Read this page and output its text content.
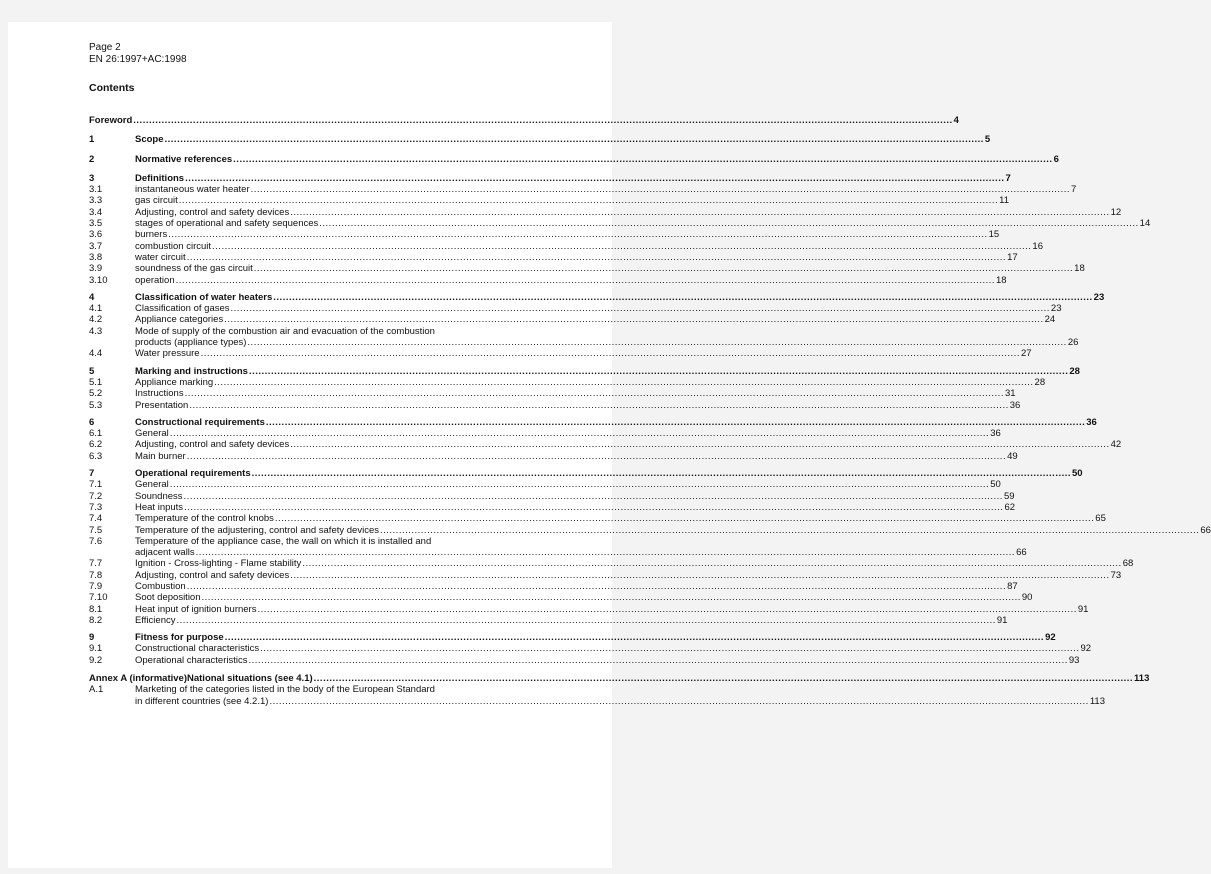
Page 2
EN 26:1997+AC:1998
Contents
Foreword .....	4
1	Scope .....	5
2	Normative references .....	6
3	Definitions .....	7
3.1	instantaneous water heater .....	7
3.3	gas circuit .....	11
3.4	Adjusting, control and safety devices .....	12
3.5	stages of operational and safety sequences .....	14
3.6	burners .....	15
3.7	combustion circuit .....	16
3.8	water circuit .....	17
3.9	soundness of the gas circuit .....	18
3.10	operation .....	18
4	Classification of water heaters .....	23
4.1	Classification of gases .....	23
4.2	Appliance categories .....	24
4.3	Mode of supply of the combustion air and evacuation of the combustion
products (appliance types) .....	26
4.4	Water pressure .....	27
5	Marking and instructions .....	28
5.1	Appliance marking .....	28
5.2	Instructions .....	31
5.3	Presentation .....	36
6	Constructional requirements .....	36
6.1	General .....	36
6.2	Adjusting, control and safety devices .....	42
6.3	Main burner .....	49
7	Operational requirements .....	50
7.1	General .....	50
7.2	Soundness .....	59
7.3	Heat inputs .....	62
7.4	Temperature of the control knobs .....	65
7.5	Temperature of the adjustering, control and safety devices .....	66
7.6	Temperature of the appliance case, the wall on which it is installed and
adjacent walls .....	66
7.7	Ignition - Cross-lighting - Flame stability .....	68
7.8	Adjusting, control and safety devices .....	73
7.9	Combustion .....	87
7.10	Soot deposition .....	90
8.1	Heat input of ignition burners .....	91
8.2	Efficiency .....	91
9	Fitness for purpose .....	92
9.1	Constructional characteristics .....	92
9.2	Operational characteristics .....	93
Annex A (informative)National situations (see 4.1) .....	113
A.1	Marketing of the categories listed in the body of the European Standard
in different countries (see 4.2.1) .....	113
